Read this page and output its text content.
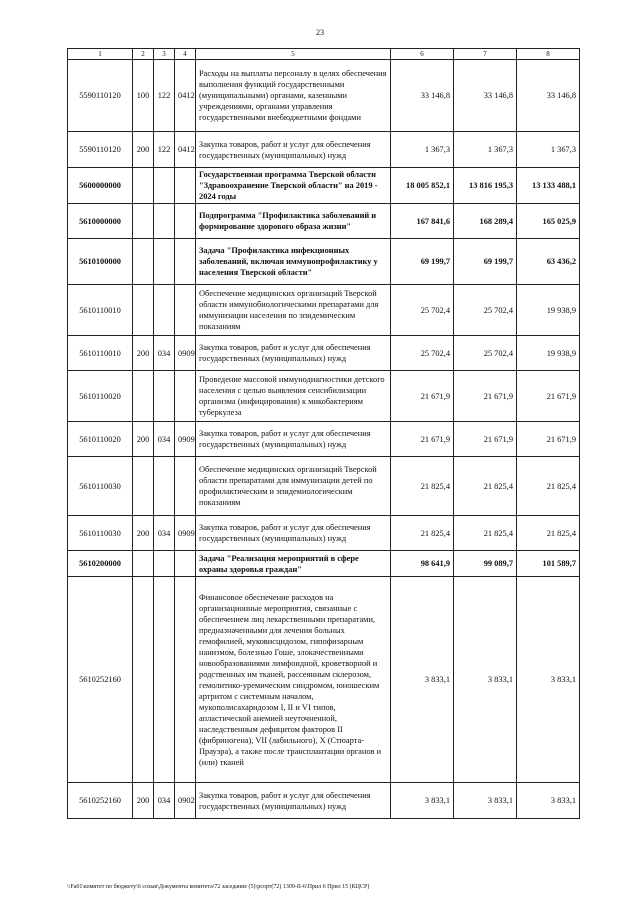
23
1	2	3	4	5	6	7	8
5590110120	100	122	0412	Расходы на выплаты персоналу в целях обеспечения выполнения функций государственными (муниципальными) органами, казенными учреждениями, органами управления государственными внебюджетными фондами	33 146,8	33 146,8	33 146,8
5590110120	200	122	0412	Закупка товаров, работ и услуг для обеспечения государственных (муниципальных) нужд	1 367,3	1 367,3	1 367,3
5600000000				Государственная программа Тверской области "Здравоохранение Тверской области" на 2019 - 2024 годы	18 005 852,1	13 816 195,3	13 133 488,1
5610000000				Подпрограмма "Профилактика заболеваний и формирование здорового образа жизни"	167 841,6	168 289,4	165 025,9
5610100000				Задача "Профилактика инфекционных заболеваний, включая иммунопрофилактику у населения Тверской области"	69 199,7	69 199,7	63 436,2
5610110010				Обеспечение медицинских организаций Тверской области иммунобиологическими препаратами для иммунизации населения по эпидемическим показаниям	25 702,4	25 702,4	19 938,9
5610110010	200	034	0909	Закупка товаров, работ и услуг для обеспечения государственных (муниципальных) нужд	25 702,4	25 702,4	19 938,9
5610110020				Проведение массовой иммунодиагностики детского населения с целью выявления сенсибилизации организма (инфицирования) к микобактериям туберкулеза	21 671,9	21 671,9	21 671,9
5610110020	200	034	0909	Закупка товаров, работ и услуг для обеспечения государственных (муниципальных) нужд	21 671,9	21 671,9	21 671,9
5610110030				Обеспечение медицинских организаций Тверской области препаратами для иммунизации детей по профилактическим и эпидемиологическим показаниям	21 825,4	21 825,4	21 825,4
5610110030	200	034	0909	Закупка товаров, работ и услуг для обеспечения государственных (муниципальных) нужд	21 825,4	21 825,4	21 825,4
5610200000				Задача "Реализация мероприятий в сфере охраны здоровья граждан"	98 641,9	99 089,7	101 589,7
5610252160				Финансовое обеспечение расходов на организационные мероприятия, связанные с обеспечением лиц лекарственными препаратами, предназначенными для лечения больных гемофилией, муковисцидозом, гипофизарным нанизмом, болезнью Гоше, злокачественными новообразованиями лимфоидной, кроветворной и родственных им тканей, рассеянным склерозом, гемолитико-уремическим синдромом, юношеским артритом с системным началом, мукополисахаридозом I, II и VI типов, апластической анемией неуточненной, наследственным дефицитом факторов II (фибриногена), VII (лабильного), X (Стюарта-Прауэра), а также после трансплантации органов и (или) тканей	3 833,1	3 833,1	3 833,1
5610252160	200	034	0902	Закупка товаров, работ и услуг для обеспечения государственных (муниципальных) нужд	3 833,1	3 833,1	3 833,1
\\Fa01\комитет по бюджету\6 созыв\Документы комитета\72 заседание (5)\рсорт(72) 1309-II-6\Прил 6 Прил 15 (КЦСР)
